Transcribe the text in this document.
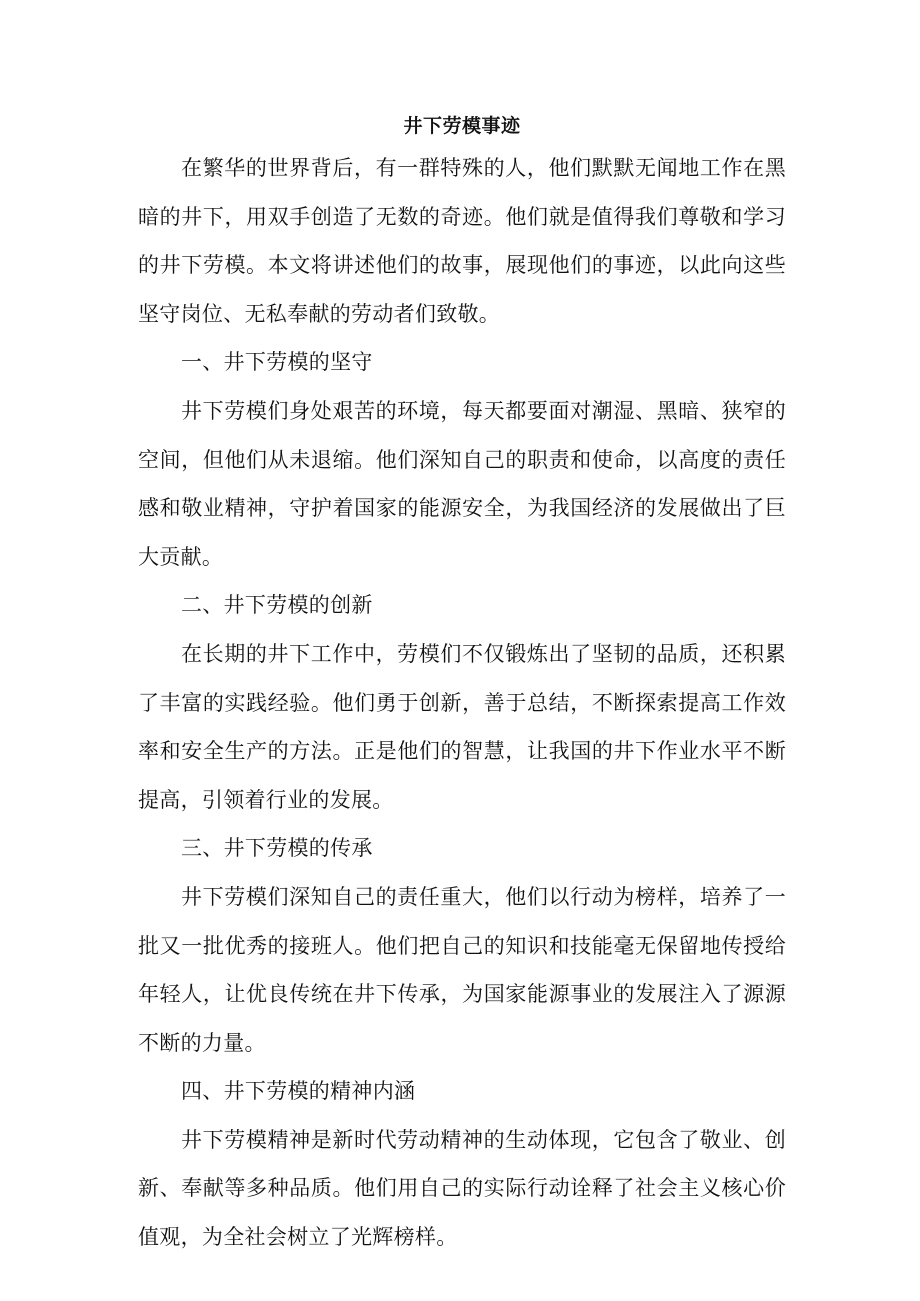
井下劳模事迹

在繁华的世界背后，有一群特殊的人，他们默默无闻地工作在黑暗的井下，用双手创造了无数的奇迹。他们就是值得我们尊敬和学习的井下劳模。本文将讲述他们的故事，展现他们的事迹，以此向这些坚守岗位、无私奉献的劳动者们致敬。

一、井下劳模的坚守

井下劳模们身处艰苦的环境，每天都要面对潮湿、黑暗、狭窄的空间，但他们从未退缩。他们深知自己的职责和使命，以高度的责任感和敬业精神，守护着国家的能源安全，为我国经济的发展做出了巨大贡献。

二、井下劳模的创新

在长期的井下工作中，劳模们不仅锻炼出了坚韧的品质，还积累了丰富的实践经验。他们勇于创新，善于总结，不断探索提高工作效率和安全生产的方法。正是他们的智慧，让我国的井下作业水平不断提高，引领着行业的发展。

三、井下劳模的传承

井下劳模们深知自己的责任重大，他们以行动为榜样，培养了一批又一批优秀的接班人。他们把自己的知识和技能毫无保留地传授给年轻人，让优良传统在井下传承，为国家能源事业的发展注入了源源不断的力量。

四、井下劳模的精神内涵

井下劳模精神是新时代劳动精神的生动体现，它包含了敬业、创新、奉献等多种品质。他们用自己的实际行动诠释了社会主义核心价值观，为全社会树立了光辉榜样。
